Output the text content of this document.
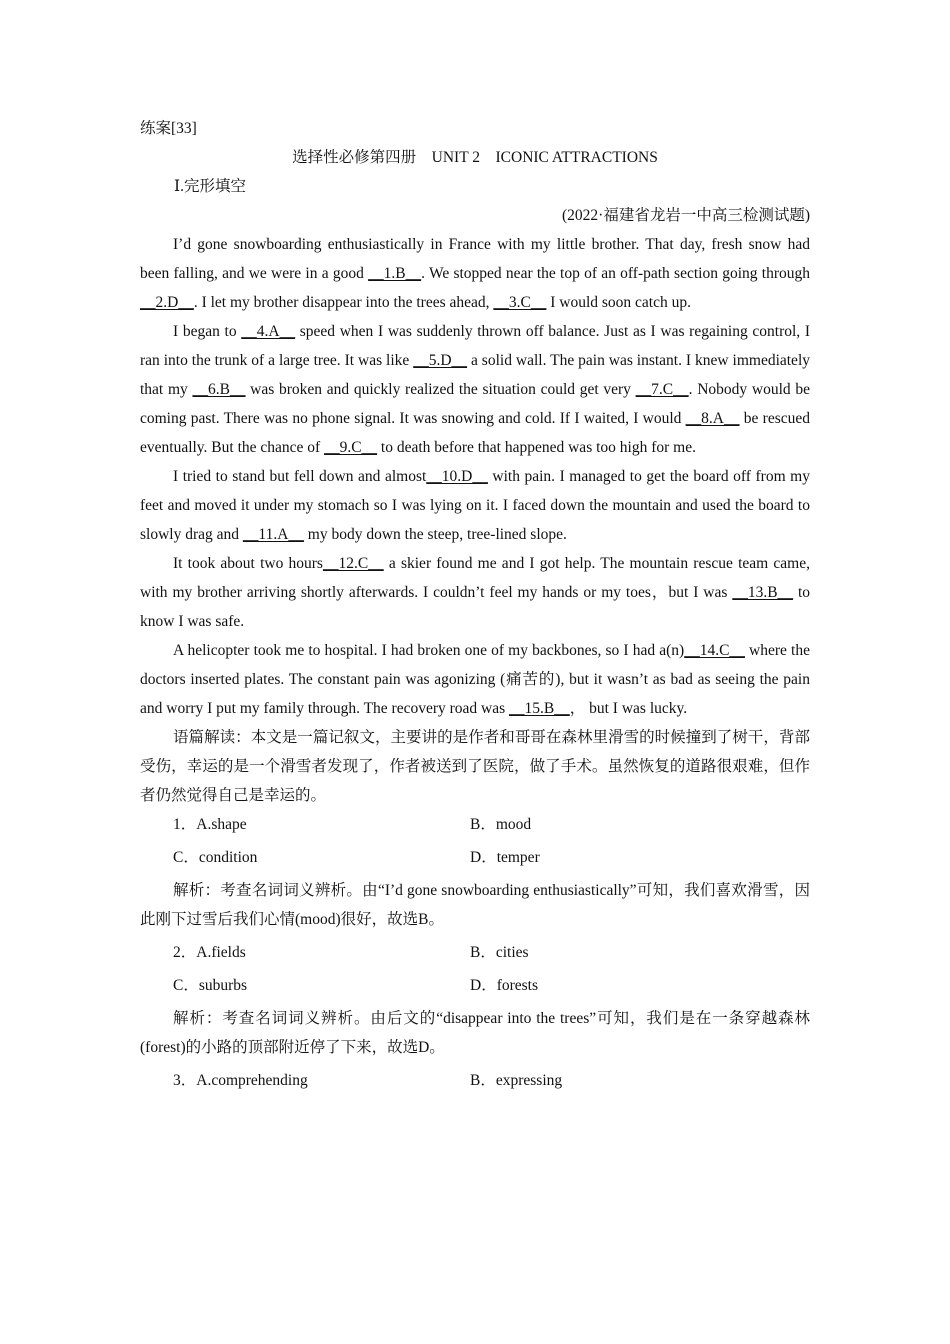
练案[33]

选择性必修第四册　UNIT 2　ICONIC ATTRACTIONS

Ⅰ.完形填空

(2022·福建省龙岩一中高三检测试题)

I’d gone snowboarding enthusiastically in France with my little brother. That day, fresh snow had been falling, and we were in a good __1.B__. We stopped near the top of an off-path section going through __2.D__. I let my brother disappear into the trees ahead, __3.C__ I would soon catch up.

I began to __4.A__ speed when I was suddenly thrown off balance. Just as I was regaining control, I ran into the trunk of a large tree. It was like __5.D__ a solid wall. The pain was instant. I knew immediately that my __6.B__ was broken and quickly realized the situation could get very __7.C__. Nobody would be coming past. There was no phone signal. It was snowing and cold. If I waited, I would __8.A__ be rescued eventually. But the chance of __9.C__ to death before that happened was too high for me.

I tried to stand but fell down and almost__10.D__ with pain. I managed to get the board off from my feet and moved it under my stomach so I was lying on it. I faced down the mountain and used the board to slowly drag and __11.A__ my body down the steep, tree-lined slope.

It took about two hours__12.C__ a skier found me and I got help. The mountain rescue team came, with my brother arriving shortly afterwards. I couldn’t feel my hands or my toes，but I was __13.B__ to know I was safe.

A helicopter took me to hospital. I had broken one of my backbones, so I had a(n)__14.C__ where the doctors inserted plates. The constant pain was agonizing (痛苦的), but it wasn’t as bad as seeing the pain and worry I put my family through. The recovery road was __15.B__， but I was lucky.

语篇解读：本文是一篇记叙文，主要讲的是作者和哥哥在森林里滑雪的时候撞到了树干，背部受伤，幸运的是一个滑雪者发现了，作者被送到了医院，做了手术。虽然恢复的道路很艰难，但作者仍然觉得自己是幸运的。

1．A.shape	B．mood
C．condition	D．temper

解析：考查名词词义辨析。由“I’d gone snowboarding enthusiastically”可知，我们喜欢滑雪，因此刚下过雪后我们心情(mood)很好，故选B。

2．A.fields	B．cities
C．suburbs	D．forests

解析：考查名词词义辨析。由后文的“disappear into the trees”可知，我们是在一条穿越森林(forest)的小路的顶部附近停了下来，故选D。

3．A.comprehending	B．expressing
